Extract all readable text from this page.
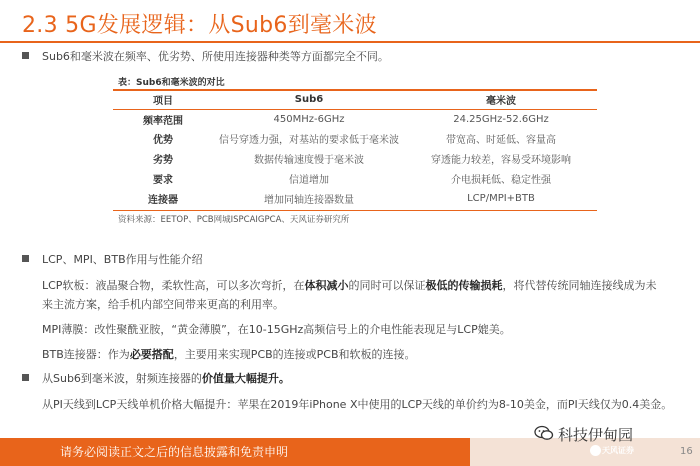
2.3 5G发展逻辑：从Sub6到毫米波
Sub6和毫米波在频率、优劣势、所使用连接器种类等方面都完全不同。
表：Sub6和毫米波的对比
项目	Sub6	毫米波
频率范围	450MHz-6GHz	24.25GHz-52.6GHz
优势	信号穿透力强，对基站的要求低于毫米波	带宽高、时延低、容量高
劣势	数据传输速度慢于毫米波	穿透能力较差，容易受环境影响
要求	信道增加	介电损耗低、稳定性强
连接器	增加同轴连接器数量	LCP/MPI+BTB
资料来源：EETOP、PCB网城ISPCAIGPCA、天风证券研究所
LCP、MPI、BTB作用与性能介绍
LCP软板：液晶聚合物，柔软性高，可以多次弯折，在体积减小的同时可以保证极低的传输损耗，将代替传统同轴连接线成为未
来主流方案，给手机内部空间带来更高的利用率。
MPI薄膜：改性聚酰亚胺，“黄金薄膜”，在10-15GHz高频信号上的介电性能表现足与LCP媲美。
BTB连接器：作为必要搭配，主要用来实现PCB的连接或PCB和软板的连接。
从Sub6到毫米波，射频连接器的价值量大幅提升。
从PI天线到LCP天线单机价格大幅提升：苹果在2019年iPhone X中使用的LCP天线的单价约为8-10美金，而PI天线仅为0.4美金。
请务必阅读正文之后的信息披露和免责申明
科技伊甸园
天风证券	16
